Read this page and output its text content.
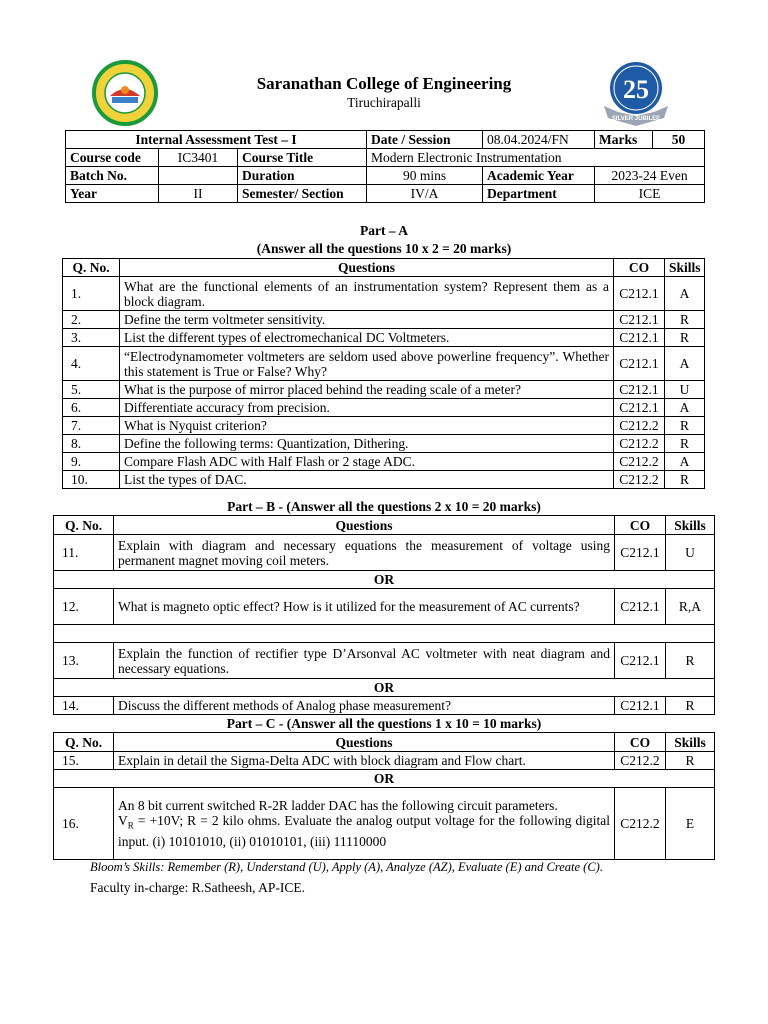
25
SILVER JUBILEE
Saranathan College of Engineering
Tiruchirapalli
Internal Assessment Test – I			Date / Session	08.04.2024/FN	Marks	50
Course code	IC3401	Course Title	Modern Electronic Instrumentation			
Batch No.		Duration	90 mins	Academic Year	2023-24 Even	
Year	II	Semester/ Section	IV/A	Department	ICE	
Part – A
(Answer all the questions 10 x 2 = 20 marks)
Q. No.	Questions	CO	Skills
1.	What are the functional elements of an instrumentation system? Represent them as a block diagram.	C212.1	A
2.	Define the term voltmeter sensitivity.	C212.1	R
3.	List the different types of electromechanical DC Voltmeters.	C212.1	R
4.	“Electrodynamometer voltmeters are seldom used above powerline frequency”. Whether this statement is True or False? Why?	C212.1	A
5.	What is the purpose of mirror placed behind the reading scale of a meter?	C212.1	U
6.	Differentiate accuracy from precision.	C212.1	A
7.	What is Nyquist criterion?	C212.2	R
8.	Define the following terms: Quantization, Dithering.	C212.2	R
9.	Compare Flash ADC with Half Flash or 2 stage ADC.	C212.2	A
10.	List the types of DAC.	C212.2	R
Part – B - (Answer all the questions 2 x 10 = 20 marks)
Q. No.	Questions	CO	Skills
11.	Explain with diagram and necessary equations the measurement of voltage using permanent magnet moving coil meters.	C212.1	U
OR			
12.	What is magneto optic effect? How is it utilized for the measurement of AC currents?	C212.1	R,A

13.	Explain the function of rectifier type D’Arsonval AC voltmeter with neat diagram and necessary equations.	C212.1	R
OR			
14.	Discuss the different methods of Analog phase measurement?	C212.1	R
Part – C - (Answer all the questions 1 x 10 = 10 marks)
Q. No.	Questions	CO	Skills
15.	Explain in detail the Sigma-Delta ADC with block diagram and Flow chart.	C212.2	R
OR			
16.	An 8 bit current switched R-2R ladder DAC has the following circuit parameters.
$V_R = +10V$; R = 2 kilo ohms. Evaluate the analog output voltage for the following digital input. (i) 10101010, (ii) 01010101, (iii) 11110000	C212.2	E
Bloom’s Skills: Remember (R), Understand (U), Apply (A), Analyze (AZ), Evaluate (E) and Create (C).
Faculty in-charge: R.Satheesh, AP-ICE.
